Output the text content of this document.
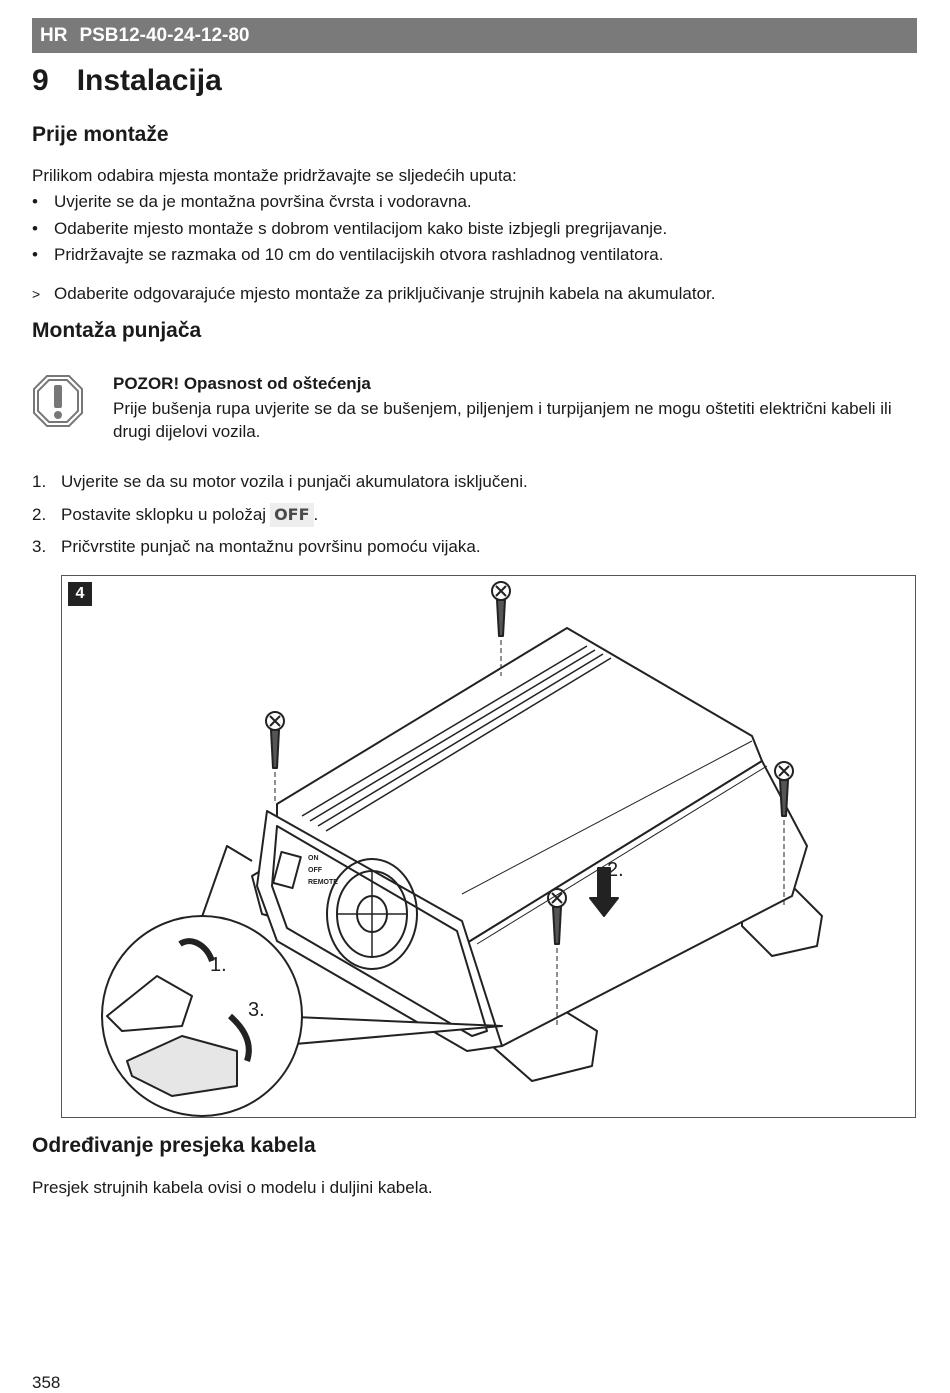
HR PSB12-40-24-12-80
9 Instalacija
Prije montaže
Prilikom odabira mjesta montaže pridržavajte se sljedećih uputa:
• Uvjerite se da je montažna površina čvrsta i vodoravna.
• Odaberite mjesto montaže s dobrom ventilacijom kako biste izbjegli pregrijavanje.
• Pridržavajte se razmaka od 10 cm do ventilacijskih otvora rashladnog ventilatora.
> Odaberite odgovarajuće mjesto montaže za priključivanje strujnih kabela na akumulator.
Montaža punjača
POZOR! Opasnost od oštećenja
Prije bušenja rupa uvjerite se da se bušenjem, piljenjem i turpijanjem ne mogu oštetiti električni kabeli ili drugi dijelovi vozila.
1. Uvjerite se da su motor vozila i punjači akumulatora isključeni.
2. Postavite sklopku u položaj OFF .
3. Pričvrstite punjač na montažnu površinu pomoću vijaka.
4
2.
1.
3.
ON
OFF
REMOTE
Određivanje presjeka kabela
Presjek strujnih kabela ovisi o modelu i duljini kabela.
358
